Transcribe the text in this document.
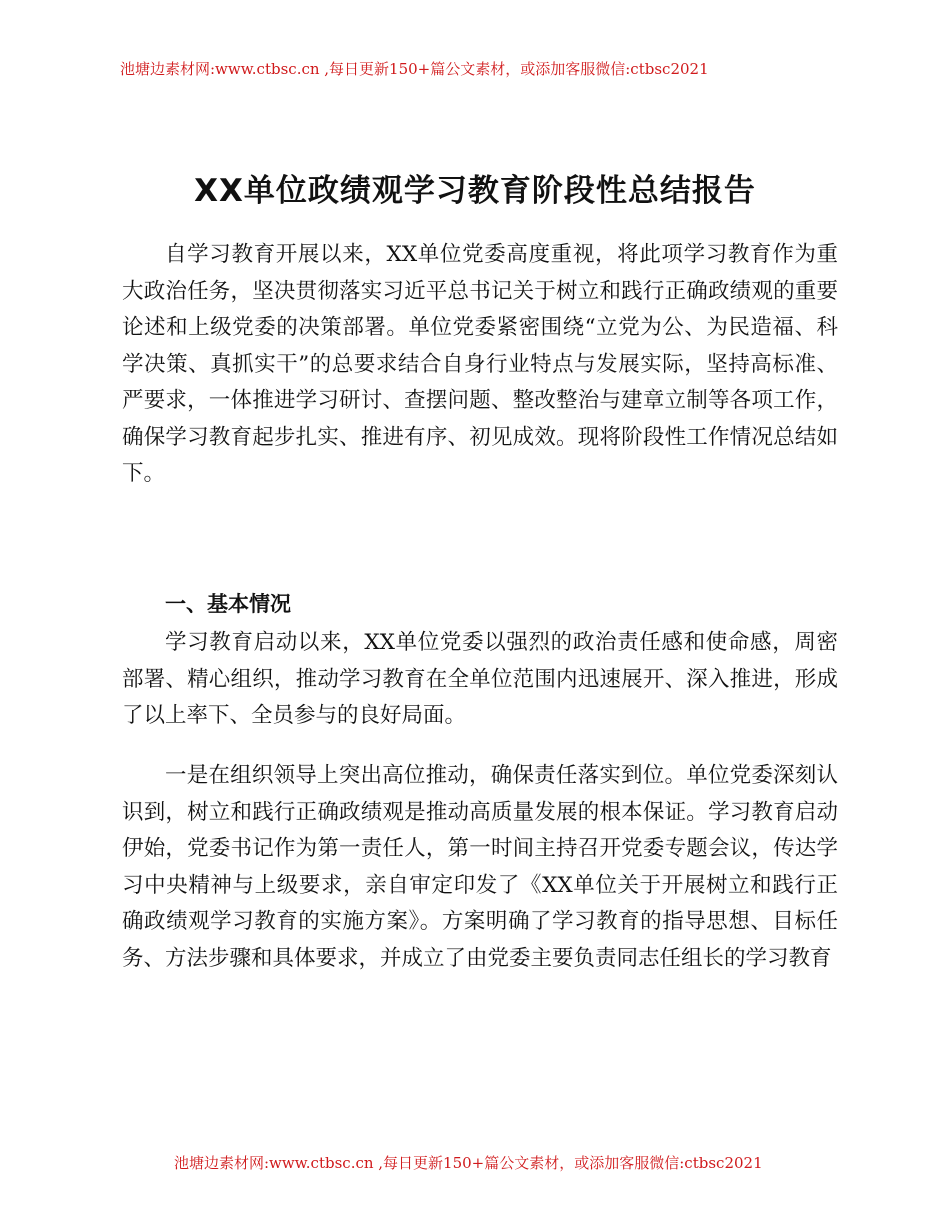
池塘边素材网:www.ctbsc.cn ,每日更新150+篇公文素材，或添加客服微信:ctbsc2021
XX单位政绩观学习教育阶段性总结报告

自学习教育开展以来，XX单位党委高度重视，将此项学习教育作为重大政治任务，坚决贯彻落实习近平总书记关于树立和践行正确政绩观的重要论述和上级党委的决策部署。单位党委紧密围绕“立党为公、为民造福、科学决策、真抓实干”的总要求结合自身行业特点与发展实际，坚持高标准、严要求，一体推进学习研讨、查摆问题、整改整治与建章立制等各项工作，确保学习教育起步扎实、推进有序、初见成效。现将阶段性工作情况总结如下。

一、基本情况

学习教育启动以来，XX单位党委以强烈的政治责任感和使命感，周密部署、精心组织，推动学习教育在全单位范围内迅速展开、深入推进，形成了以上率下、全员参与的良好局面。

一是在组织领导上突出高位推动，确保责任落实到位。单位党委深刻认识到，树立和践行正确政绩观是推动高质量发展的根本保证。学习教育启动伊始，党委书记作为第一责任人，第一时间主持召开党委专题会议，传达学习中央精神与上级要求，亲自审定印发了《XX单位关于开展树立和践行正确政绩观学习教育的实施方案》。方案明确了学习教育的指导思想、目标任务、方法步骤和具体要求，并成立了由党委主要负责同志任组长的学习教育

池塘边素材网:www.ctbsc.cn ,每日更新150+篇公文素材，或添加客服微信:ctbsc2021
